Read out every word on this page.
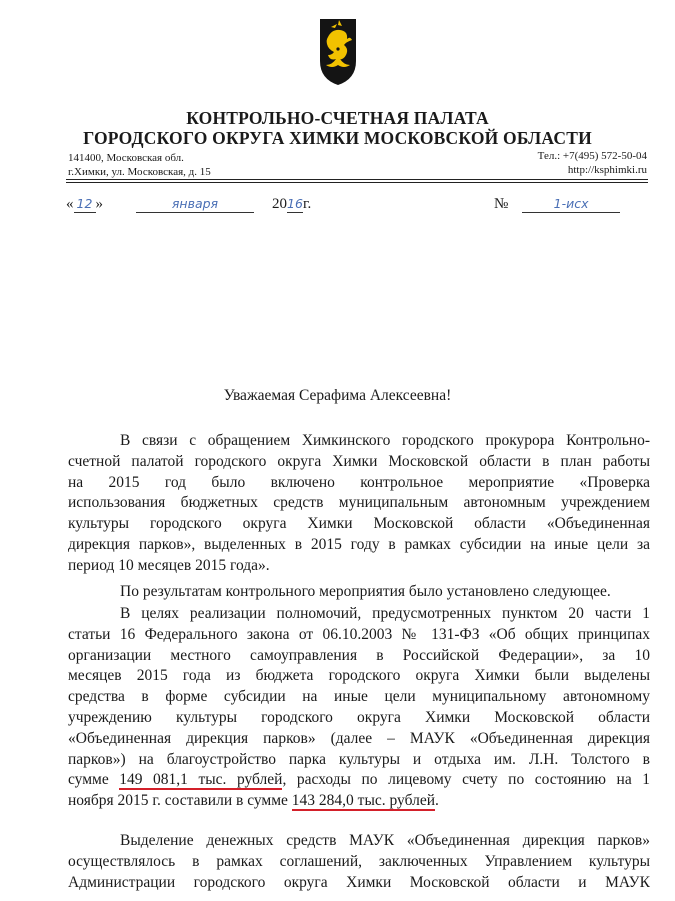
КОНТРОЛЬНО-СЧЕТНАЯ ПАЛАТА
ГОРОДСКОГО ОКРУГА ХИМКИ МОСКОВСКОЙ ОБЛАСТИ
141400, Московская обл.
г.Химки, ул. Московская, д. 15
Тел.: +7(495) 572-50-04
http://ksphimki.ru
« 12 »	января	2016г.	№	1-исх
Уважаемая Серафима Алексеевна!
В связи с обращением Химкинского городского прокурора Контрольно-
счетной палатой городского округа Химки Московской области в план работы
на 2015 год было включено контрольное мероприятие «Проверка
использования бюджетных средств муниципальным автономным учреждением
культуры городского округа Химки Московской области «Объединенная
дирекция парков», выделенных в 2015 году в рамках субсидии на иные цели за
период 10 месяцев 2015 года».
По результатам контрольного мероприятия было установлено следующее.
В целях реализации полномочий, предусмотренных пунктом 20 части 1
статьи 16 Федерального закона от 06.10.2003 № 131-ФЗ «Об общих принципах
организации местного самоуправления в Российской Федерации», за 10
месяцев 2015 года из бюджета городского округа Химки были выделены
средства в форме субсидии на иные цели муниципальному автономному
учреждению культуры городского округа Химки Московской области
«Объединенная дирекция парков» (далее – МАУК «Объединенная дирекция
парков») на благоустройство парка культуры и отдыха им. Л.Н. Толстого в
сумме 149 081,1 тыс. рублей, расходы по лицевому счету по состоянию на 1
ноября 2015 г. составили в сумме 143 284,0 тыс. рублей.
Выделение денежных средств МАУК «Объединенная дирекция парков»
осуществлялось в рамках соглашений, заключенных Управлением культуры
Администрации городского округа Химки Московской области и МАУК
